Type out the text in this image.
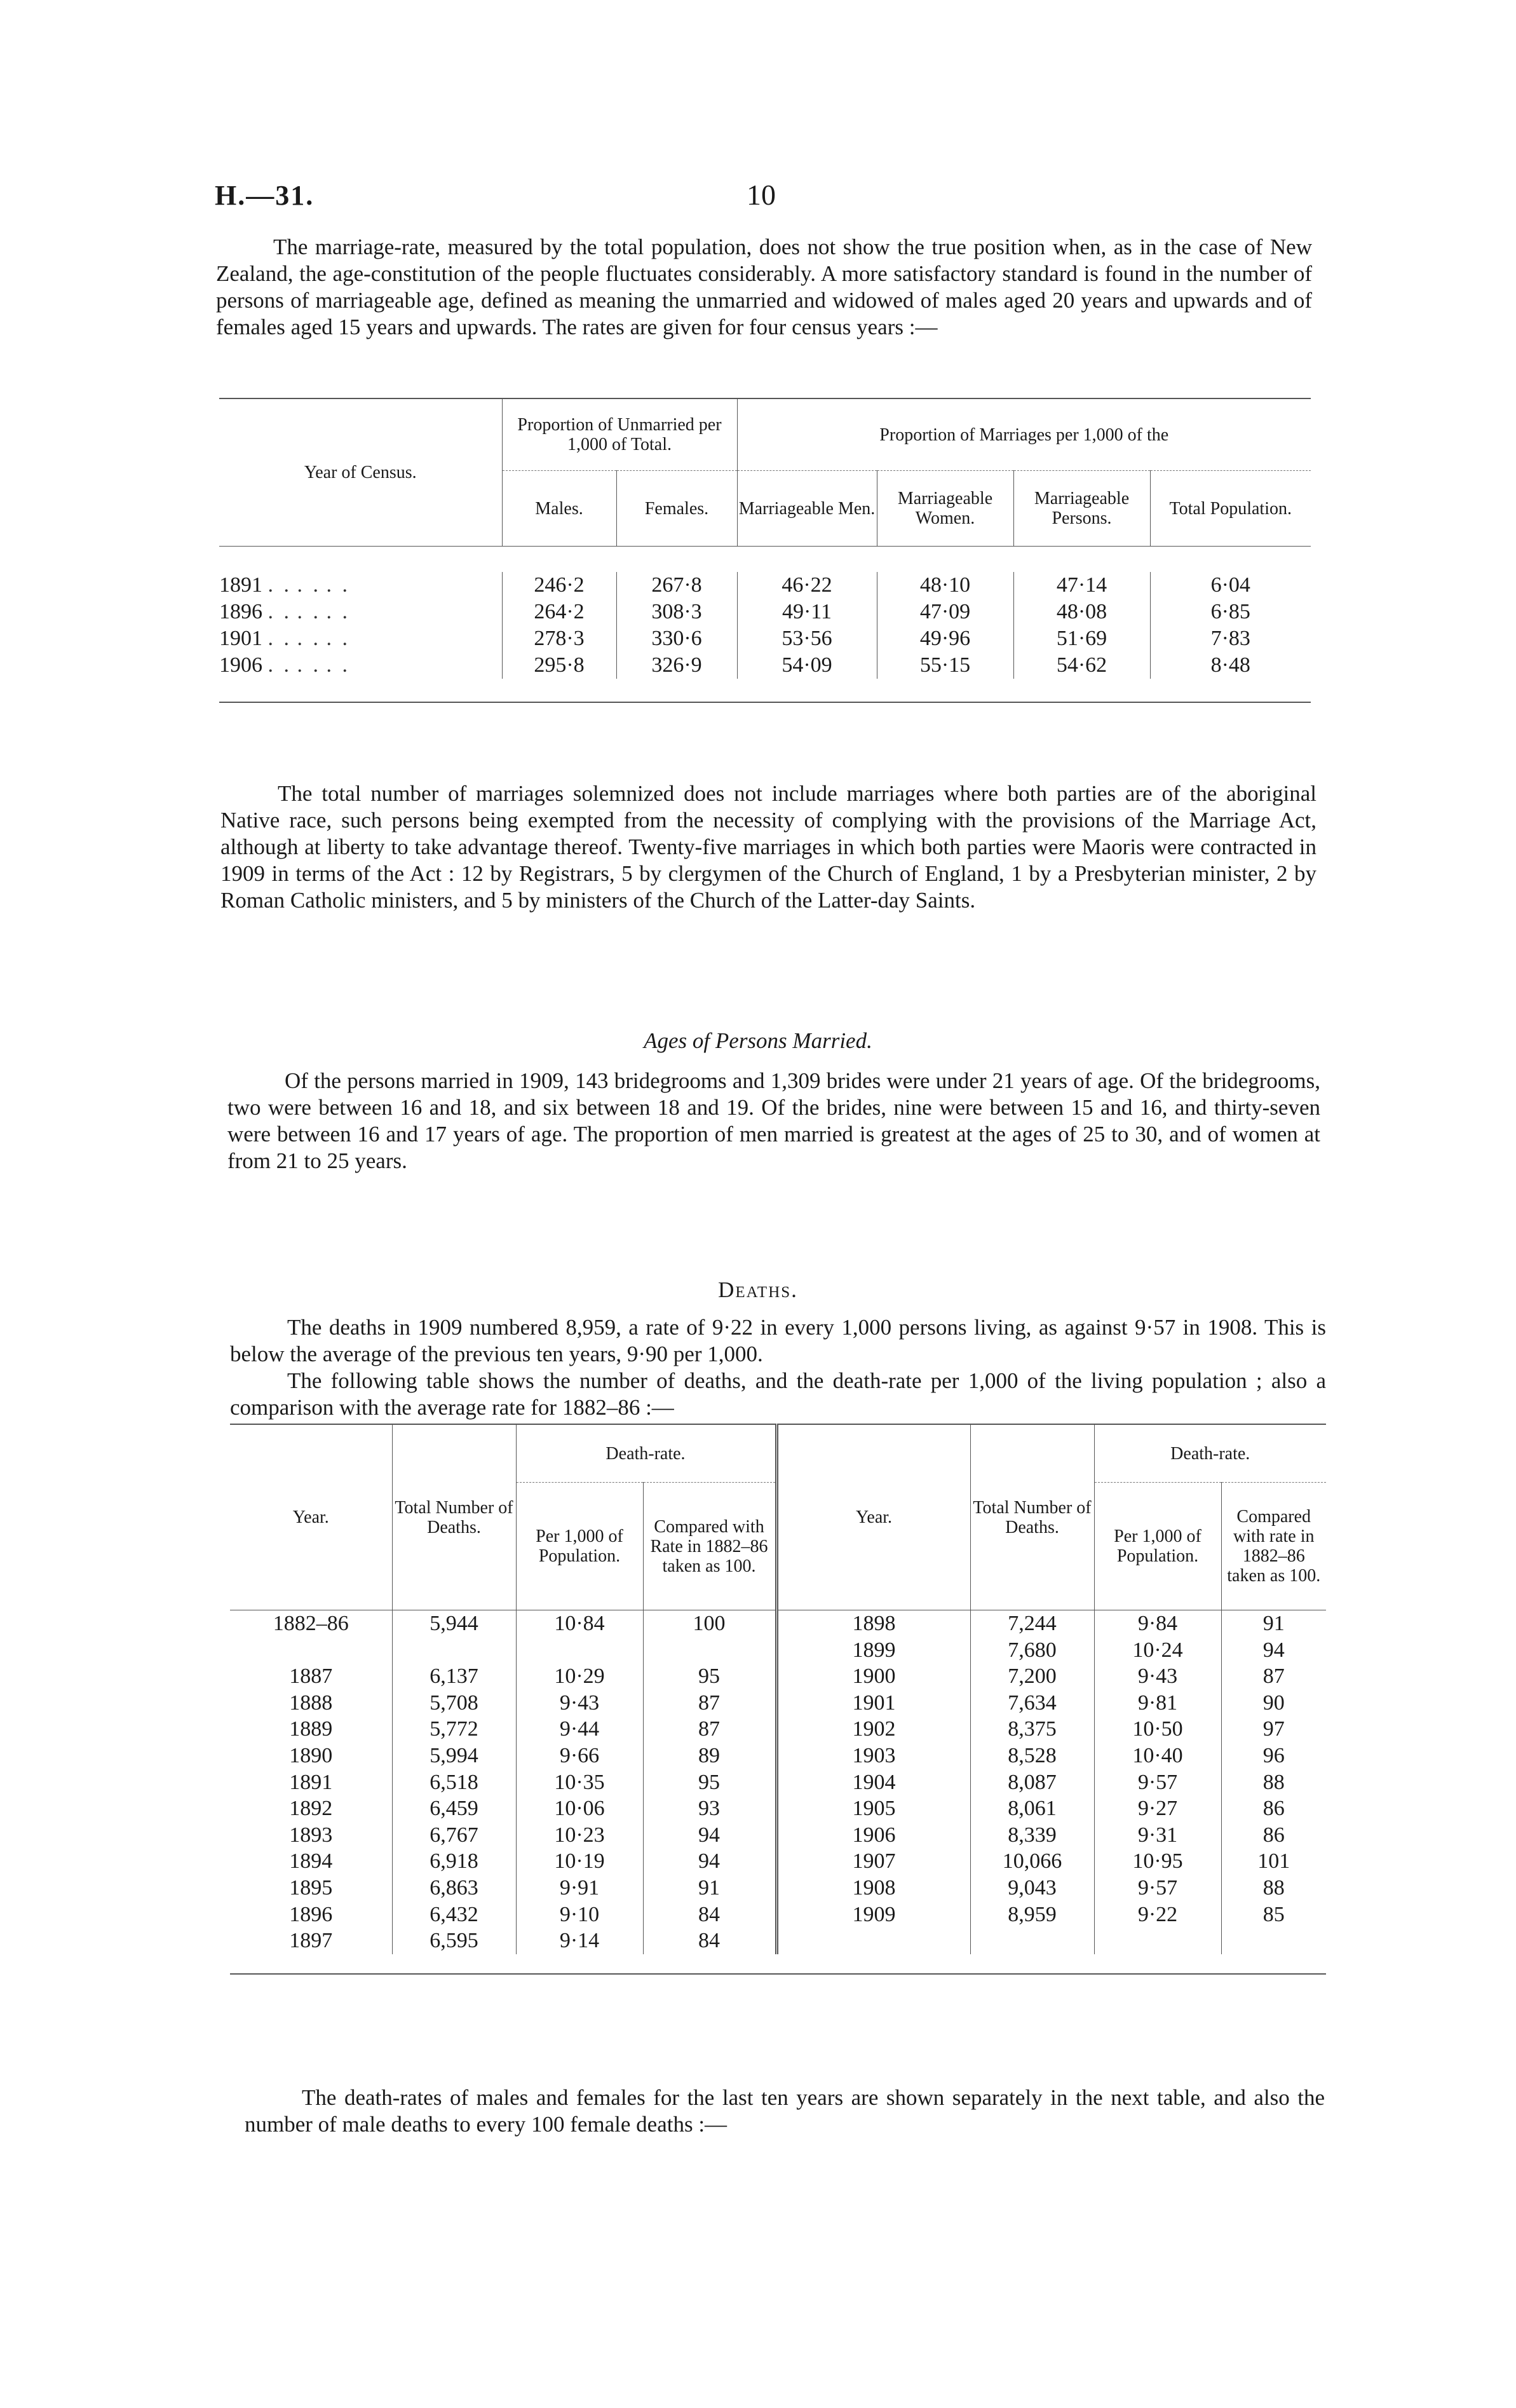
H.—31.	10

The marriage-rate, measured by the total population, does not show the true position when, as in the case of New Zealand, the age-constitution of the people fluctuates considerably. A more satisfactory standard is found in the number of persons of marriageable age, defined as meaning the unmarried and widowed of males aged 20 years and upwards and of females aged 15 years and upwards. The rates are given for four census years :—

Year of Census.	Proportion of Unmarried per 1,000 of Total.		Proportion of Marriages per 1,000 of the			
	Males.	Females.	Marriageable Men.	Marriageable Women.	Marriageable Persons.	Total Population.

1891 . . . . . .	246·2	267·8	46·22	48·10	47·14	6·04
1896 . . . . . .	264·2	308·3	49·11	47·09	48·08	6·85
1901 . . . . . .	278·3	330·6	53·56	49·96	51·69	7·83
1906 . . . . . .	295·8	326·9	54·09	55·15	54·62	8·48

The total number of marriages solemnized does not include marriages where both parties are of the aboriginal Native race, such persons being exempted from the necessity of complying with the provisions of the Marriage Act, although at liberty to take advantage thereof. Twenty-five marriages in which both parties were Maoris were contracted in 1909 in terms of the Act : 12 by Registrars, 5 by clergymen of the Church of England, 1 by a Presbyterian minister, 2 by Roman Catholic ministers, and 5 by ministers of the Church of the Latter-day Saints.

Ages of Persons Married.

Of the persons married in 1909, 143 bridegrooms and 1,309 brides were under 21 years of age. Of the bridegrooms, two were between 16 and 18, and six between 18 and 19. Of the brides, nine were between 15 and 16, and thirty-seven were between 16 and 17 years of age. The proportion of men married is greatest at the ages of 25 to 30, and of women at from 21 to 25 years.

Deaths.

The deaths in 1909 numbered 8,959, a rate of 9·22 in every 1,000 persons living, as against 9·57 in 1908. This is below the average of the previous ten years, 9·90 per 1,000.

The following table shows the number of deaths, and the death-rate per 1,000 of the living population ; also a comparison with the average rate for 1882–86 :—

Year.	Total Number of Deaths.	Death-rate.		Year.	Total Number of Deaths.	Death-rate.	
		Per 1,000 of Population.	Compared with Rate in 1882–86 taken as 100.			Per 1,000 of Population.	Compared with rate in 1882–86 taken as 100.
1882–86	5,944	10·84	100	1898	7,244	9·84	91
				1899	7,680	10·24	94
1887	6,137	10·29	95	1900	7,200	9·43	87
1888	5,708	9·43	87	1901	7,634	9·81	90
1889	5,772	9·44	87	1902	8,375	10·50	97
1890	5,994	9·66	89	1903	8,528	10·40	96
1891	6,518	10·35	95	1904	8,087	9·57	88
1892	6,459	10·06	93	1905	8,061	9·27	86
1893	6,767	10·23	94	1906	8,339	9·31	86
1894	6,918	10·19	94	1907	10,066	10·95	101
1895	6,863	9·91	91	1908	9,043	9·57	88
1896	6,432	9·10	84	1909	8,959	9·22	85
1897	6,595	9·14	84				

The death-rates of males and females for the last ten years are shown separately in the next table, and also the number of male deaths to every 100 female deaths :—
